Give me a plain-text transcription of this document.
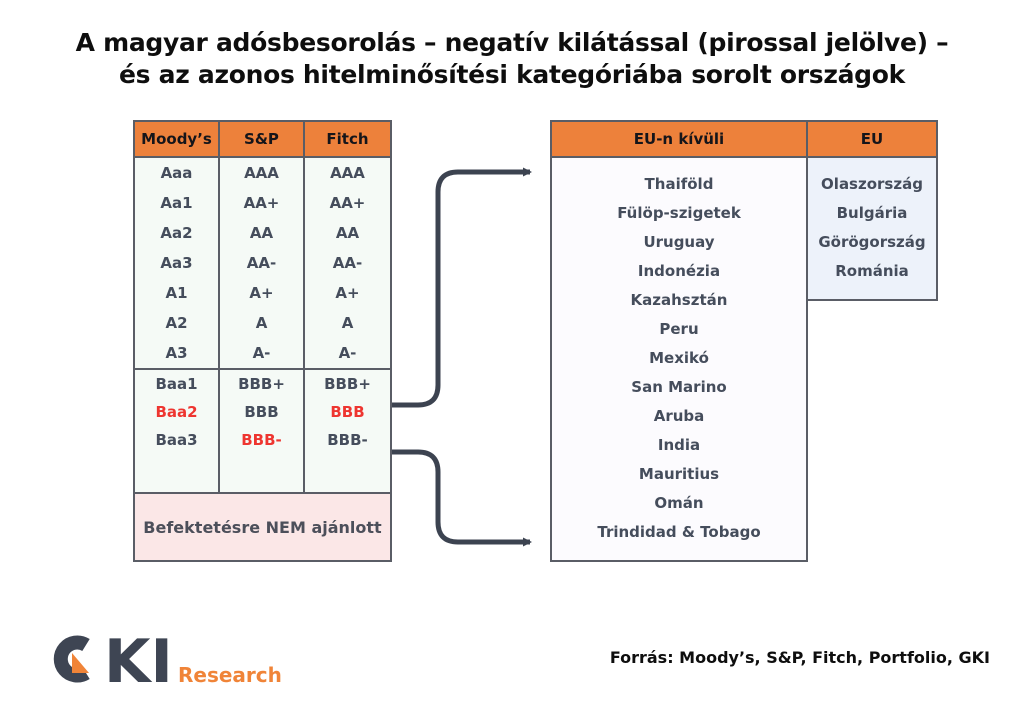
A magyar adósbesorolás – negatív kilátással (pirossal jelölve) –
és az azonos hitelminősítési kategóriába sorolt országok
Moody’s	S&P	Fitch
Aaa	AAA	AAA
Aa1	AA+	AA+
Aa2	AA	AA
Aa3	AA-	AA-
A1	A+	A+
A2	A	A
A3	A-	A-
Baa1	BBB+	BBB+
Baa2	BBB	BBB
Baa3	BBB-	BBB-
Befektetésre NEM ajánlott
EU-n kívüli
Thaiföld
Fülöp-szigetek
Uruguay
Indonézia
Kazahsztán
Peru
Mexikó
San Marino
Aruba
India
Mauritius
Omán
Trindidad & Tobago
EU
Olaszország
Bulgária
Görögország
Románia
KI Research
Forrás: Moody’s, S&P, Fitch, Portfolio, GKI
